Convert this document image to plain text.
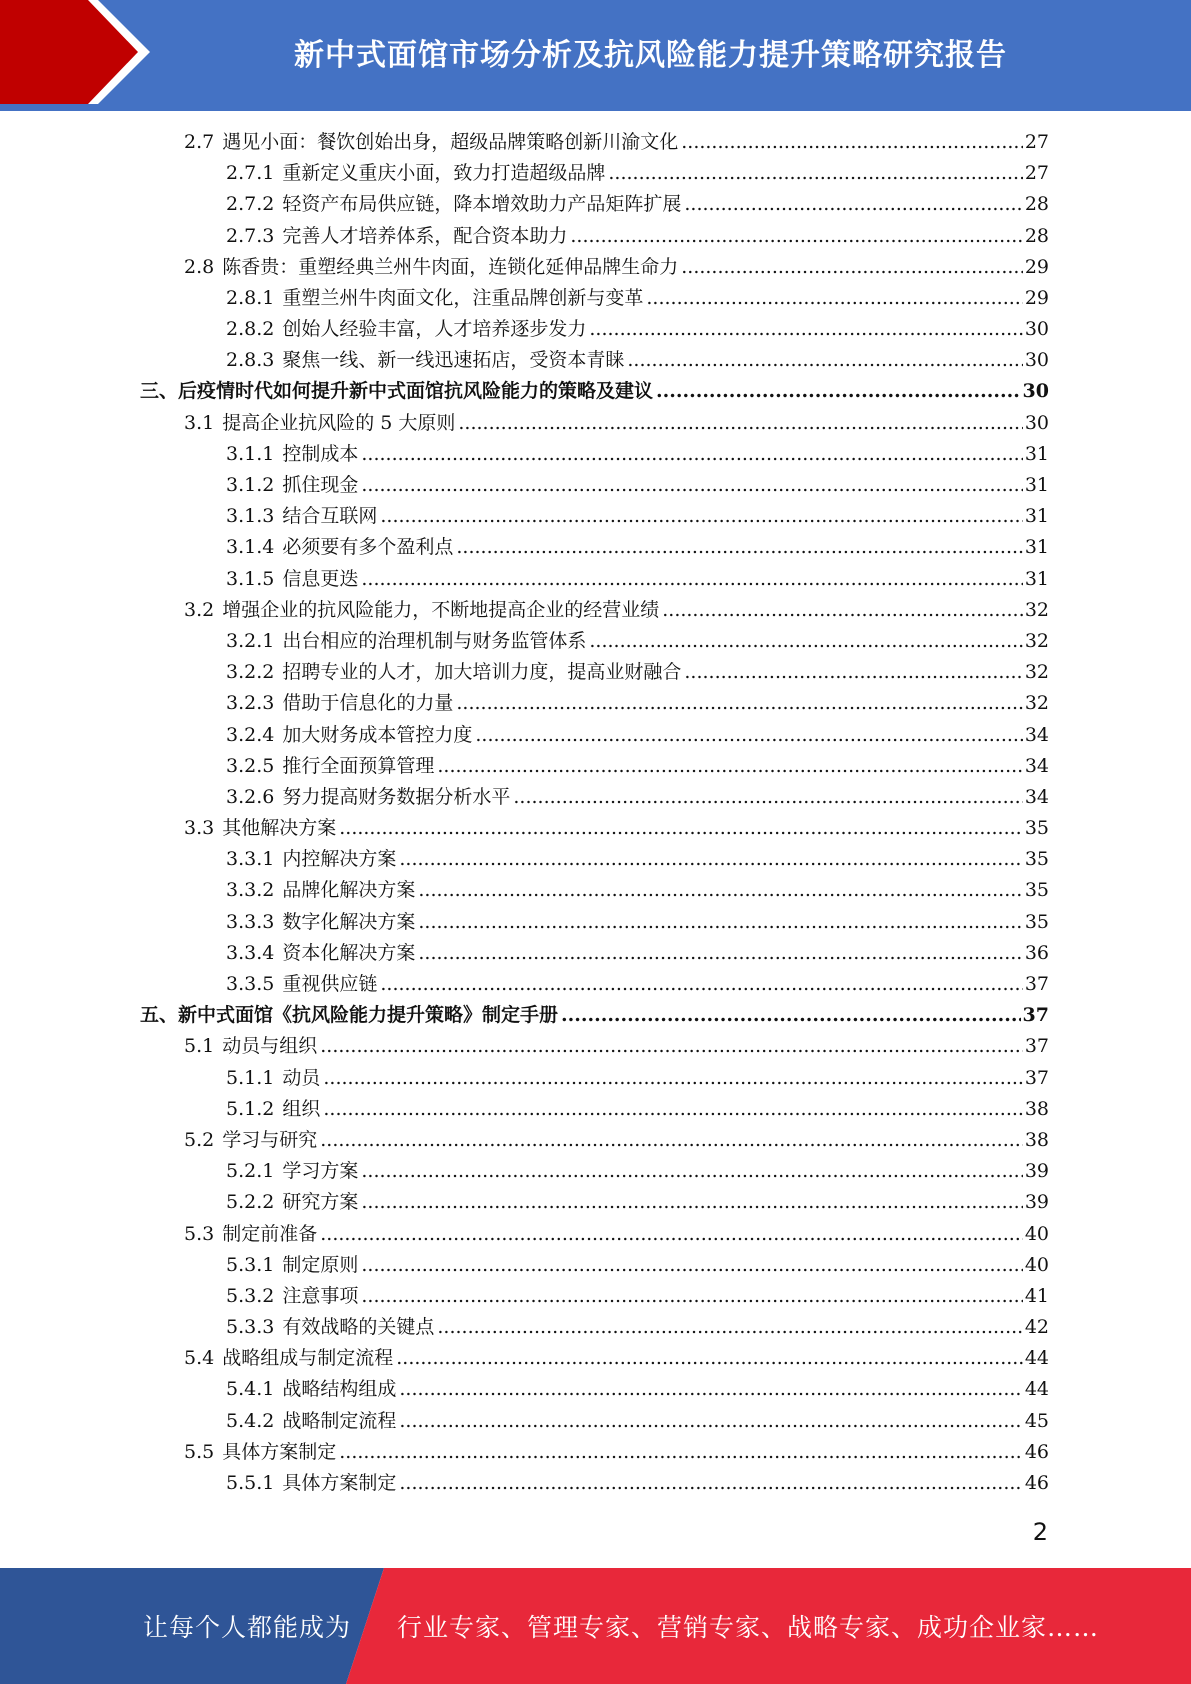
新中式面馆市场分析及抗风险能力提升策略研究报告
2.7 遇见小面：餐饮创始出身，超级品牌策略创新川渝文化 .....	27
2.7.1 重新定义重庆小面，致力打造超级品牌 .....	27
2.7.2 轻资产布局供应链，降本增效助力产品矩阵扩展 .....	28
2.7.3 完善人才培养体系，配合资本助力 .....	28
2.8 陈香贵：重塑经典兰州牛肉面，连锁化延伸品牌生命力 .....	29
2.8.1 重塑兰州牛肉面文化，注重品牌创新与变革 .....	29
2.8.2 创始人经验丰富，人才培养逐步发力 .....	30
2.8.3 聚焦一线、新一线迅速拓店，受资本青睐 .....	30
三、后疫情时代如何提升新中式面馆抗风险能力的策略及建议 .....	30
3.1 提高企业抗风险的 5 大原则 .....	30
3.1.1 控制成本 .....	31
3.1.2 抓住现金 .....	31
3.1.3 结合互联网 .....	31
3.1.4 必须要有多个盈利点 .....	31
3.1.5 信息更迭 .....	31
3.2 增强企业的抗风险能力，不断地提高企业的经营业绩 .....	32
3.2.1 出台相应的治理机制与财务监管体系 .....	32
3.2.2 招聘专业的人才，加大培训力度，提高业财融合 .....	32
3.2.3 借助于信息化的力量 .....	32
3.2.4 加大财务成本管控力度 .....	34
3.2.5 推行全面预算管理 .....	34
3.2.6 努力提高财务数据分析水平 .....	34
3.3 其他解决方案 .....	35
3.3.1 内控解决方案 .....	35
3.3.2 品牌化解决方案 .....	35
3.3.3 数字化解决方案 .....	35
3.3.4 资本化解决方案 .....	36
3.3.5 重视供应链 .....	37
五、新中式面馆《抗风险能力提升策略》制定手册 .....	37
5.1 动员与组织 .....	37
5.1.1 动员 .....	37
5.1.2 组织 .....	38
5.2 学习与研究 .....	38
5.2.1 学习方案 .....	39
5.2.2 研究方案 .....	39
5.3 制定前准备 .....	40
5.3.1 制定原则 .....	40
5.3.2 注意事项 .....	41
5.3.3 有效战略的关键点 .....	42
5.4 战略组成与制定流程 .....	44
5.4.1 战略结构组成 .....	44
5.4.2 战略制定流程 .....	45
5.5 具体方案制定 .....	46
5.5.1 具体方案制定 .....	46
2
让每个人都能成为 行业专家、管理专家、营销专家、战略专家、成功企业家……
